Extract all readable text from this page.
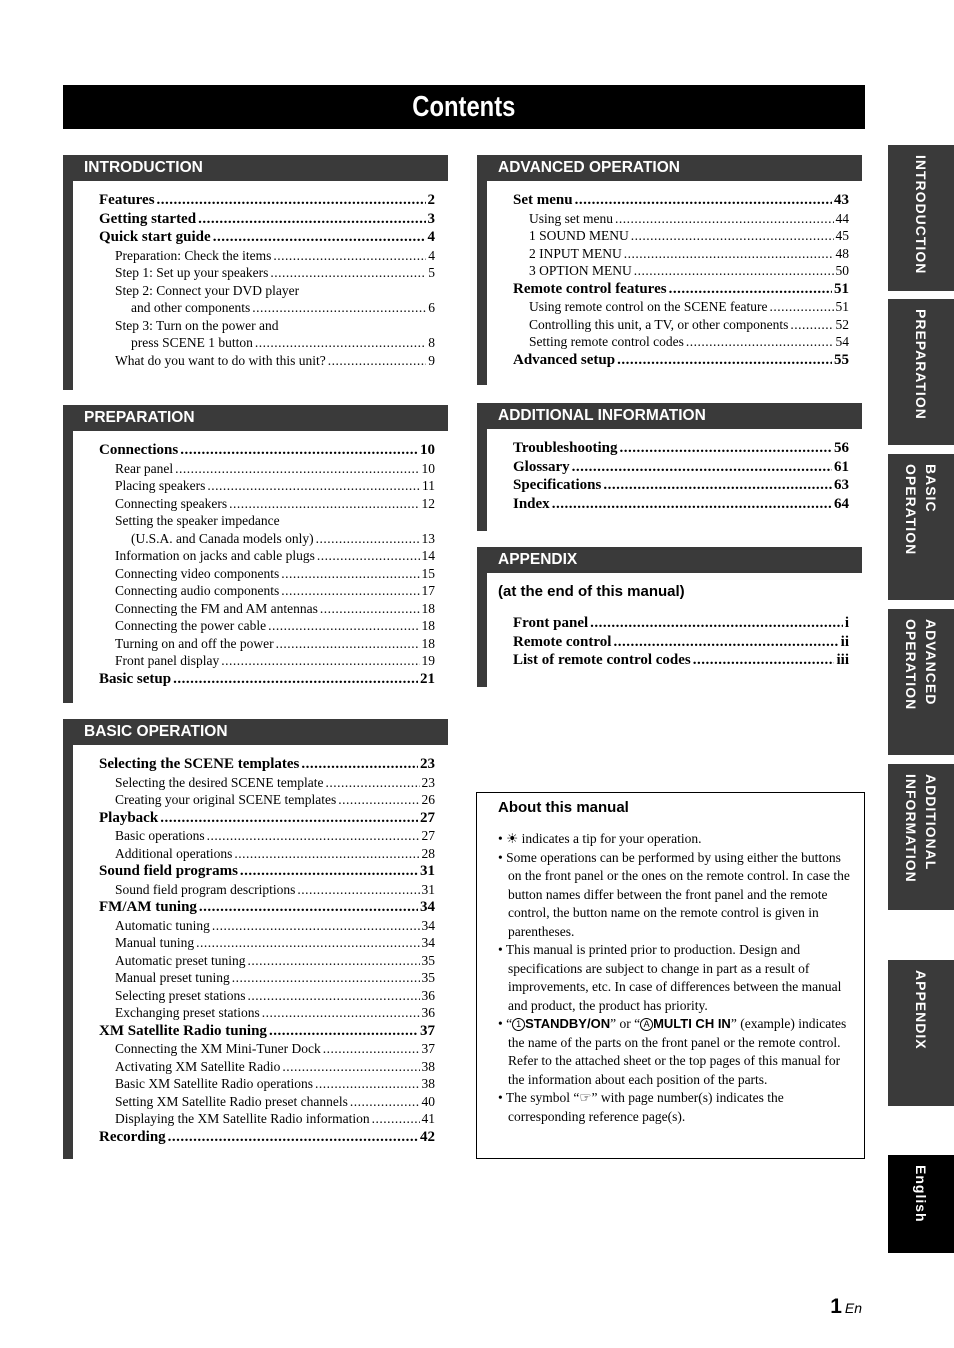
Contents
INTRODUCTION
Features .....	2
Getting started .....	3
Quick start guide .....	4
Preparation: Check the items .....	4
Step 1: Set up your speakers .....	5
Step 2: Connect your DVD player
and other components .....	6
Step 3: Turn on the power and
press SCENE 1 button .....	8
What do you want to do with this unit? .....	9
PREPARATION
Connections .....	10
Rear panel .....	10
Placing speakers .....	11
Connecting speakers .....	12
Setting the speaker impedance
(U.S.A. and Canada models only) .....	13
Information on jacks and cable plugs .....	14
Connecting video components .....	15
Connecting audio components .....	17
Connecting the FM and AM antennas .....	18
Connecting the power cable .....	18
Turning on and off the power .....	18
Front panel display .....	19
Basic setup .....	21
BASIC OPERATION
Selecting the SCENE templates .....	23
Selecting the desired SCENE template .....	23
Creating your original SCENE templates .....	26
Playback .....	27
Basic operations .....	27
Additional operations .....	28
Sound field programs .....	31
Sound field program descriptions .....	31
FM/AM tuning .....	34
Automatic tuning .....	34
Manual tuning .....	34
Automatic preset tuning .....	35
Manual preset tuning .....	35
Selecting preset stations .....	36
Exchanging preset stations .....	36
XM Satellite Radio tuning .....	37
Connecting the XM Mini-Tuner Dock .....	37
Activating XM Satellite Radio .....	38
Basic XM Satellite Radio operations .....	38
Setting XM Satellite Radio preset channels .....	40
Displaying the XM Satellite Radio information .....	41
Recording .....	42
ADVANCED OPERATION
Set menu .....	43
Using set menu .....	44
1 SOUND MENU .....	45
2 INPUT MENU .....	48
3 OPTION MENU .....	50
Remote control features .....	51
Using remote control on the SCENE feature .....	51
Controlling this unit, a TV, or other components .....	52
Setting remote control codes .....	54
Advanced setup .....	55
ADDITIONAL INFORMATION
Troubleshooting .....	56
Glossary .....	61
Specifications .....	63
Index .....	64
APPENDIX
(at the end of this manual)
Front panel .....	i
Remote control .....	ii
List of remote control codes .....	iii
About this manual
• ☀ indicates a tip for your operation.
• Some operations can be performed by using either the buttons on the front panel or the ones on the remote control. In case the button names differ between the front panel and the remote control, the button name on the remote control is given in parentheses.
• This manual is printed prior to production. Design and specifications are subject to change in part as a result of improvements, etc. In case of differences between the manual and product, the product has priority.
• “ 1 STANDBY/ON” or “ A MULTI CH IN” (example) indicates the name of the parts on the front panel or the remote control. Refer to the attached sheet or the top pages of this manual for the information about each position of the parts.
• The symbol “☞” with page number(s) indicates the corresponding reference page(s).
INTRODUCTION
PREPARATION
BASIC
OPERATION
ADVANCED
OPERATION
ADDITIONAL
INFORMATION
APPENDIX
English
1 En
